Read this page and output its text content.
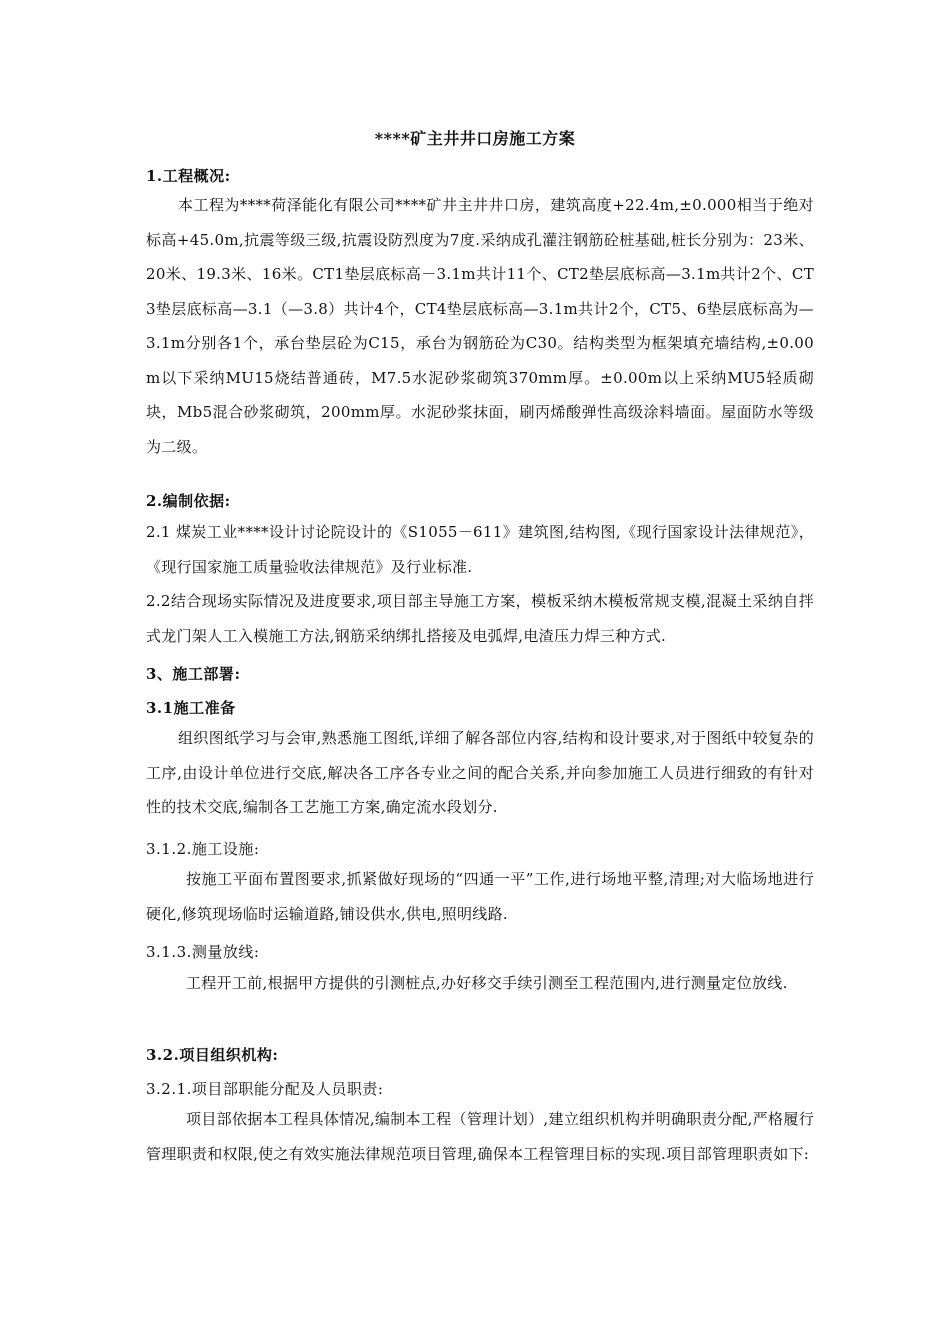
****矿主井井口房施工方案
1.工程概况:
本工程为****荷泽能化有限公司****矿井主井井口房，建筑高度+22.4m,±0.000相当于绝对标高+45.0m,抗震等级三级,抗震设防烈度为7度.采纳成孔灌注钢筋砼桩基础,桩长分别为：23米、20米、19.3米、16米。CT1垫层底标高－3.1m共计11个、CT2垫层底标高—3.1m共计2个、CT3垫层底标高—3.1（—3.8）共计4个，CT4垫层底标高—3.1m共计2个，CT5、6垫层底标高为—3.1m分别各1个，承台垫层砼为C15，承台为钢筋砼为C30。结构类型为框架填充墙结构,±0.00m以下采纳MU15烧结普通砖，M7.5水泥砂浆砌筑370mm厚。±0.00m以上采纳MU5轻质砌块，Mb5混合砂浆砌筑，200mm厚。水泥砂浆抹面，刷丙烯酸弹性高级涂料墙面。屋面防水等级为二级。
2.编制依据:
2.1 煤炭工业****设计讨论院设计的《S1055－611》建筑图,结构图,《现行国家设计法律规范》，《现行国家施工质量验收法律规范》及行业标准.
2.2结合现场实际情况及进度要求,项目部主导施工方案，模板采纳木模板常规支模,混凝土采纳自拌式龙门架人工入模施工方法,钢筋采纳绑扎搭接及电弧焊,电渣压力焊三种方式.
3、施工部署:
3.1施工准备
组织图纸学习与会审,熟悉施工图纸,详细了解各部位内容,结构和设计要求,对于图纸中较复杂的工序,由设计单位进行交底,解决各工序各专业之间的配合关系,并向参加施工人员进行细致的有针对性的技术交底,编制各工艺施工方案,确定流水段划分.
3.1.2.施工设施:
按施工平面布置图要求,抓紧做好现场的“四通一平”工作,进行场地平整,清理;对大临场地进行硬化,修筑现场临时运输道路,铺设供水,供电,照明线路.
3.1.3.测量放线:
工程开工前,根据甲方提供的引测桩点,办好移交手续引测至工程范围内,进行测量定位放线.
3.2.项目组织机构:
3.2.1.项目部职能分配及人员职责:
项目部依据本工程具体情况,编制本工程（管理计划）,建立组织机构并明确职责分配,严格履行管理职责和权限,使之有效实施法律规范项目管理,确保本工程管理目标的实现.项目部管理职责如下:
